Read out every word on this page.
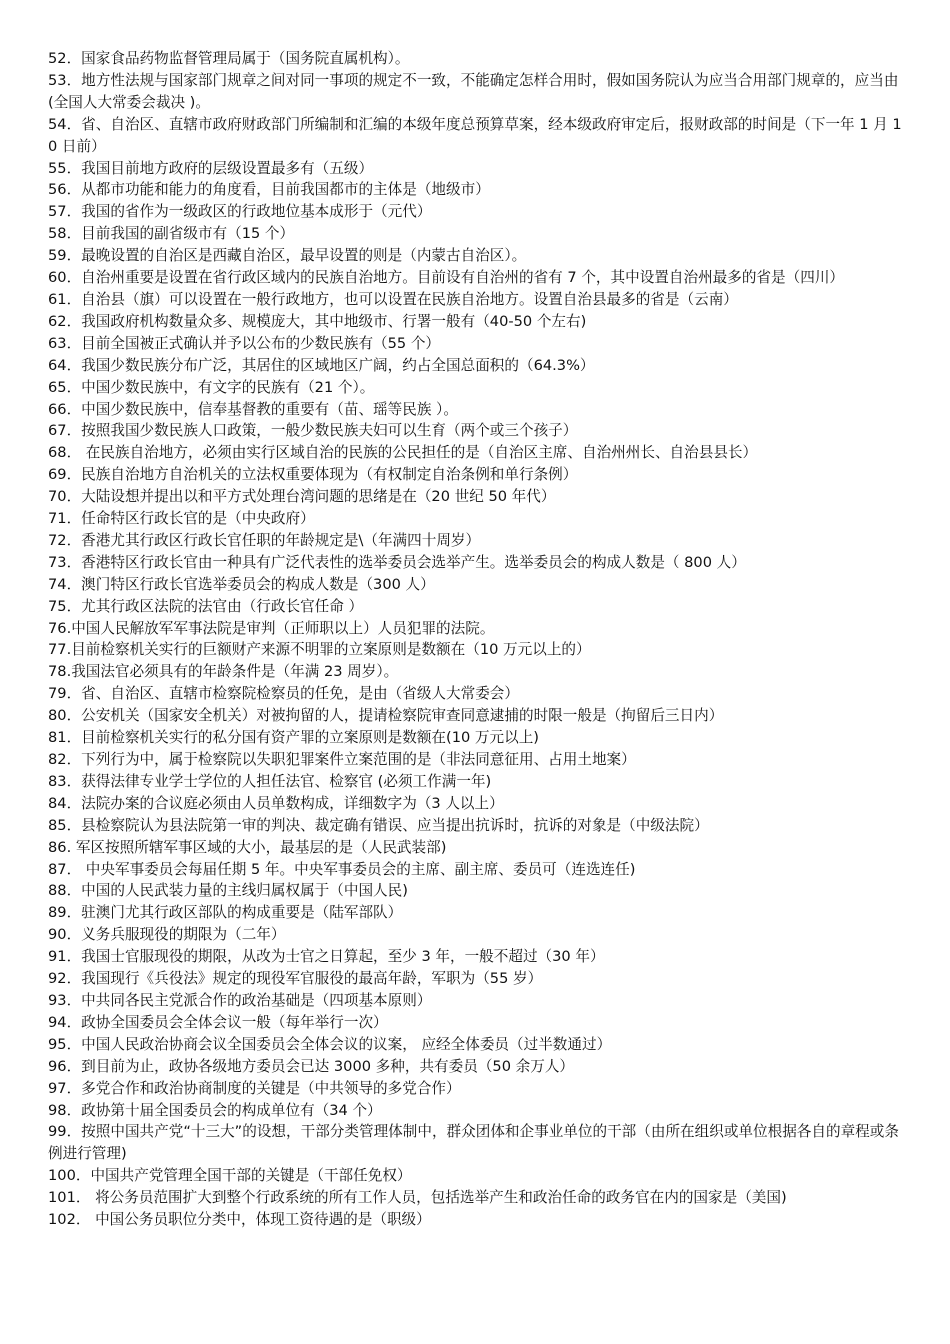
52．国家食品药物监督管理局属于（国务院直属机构）。

53．地方性法规与国家部门规章之间对同一事项的规定不一致，不能确定怎样合用时，假如国务院认为应当合用部门规章的，应当由 (全国人大常委会裁决 )。

54．省、自治区、直辖市政府财政部门所编制和汇编的本级年度总预算草案，经本级政府审定后，报财政部的时间是（下一年 1 月 10 日前）

55．我国目前地方政府的层级设置最多有（五级）

56．从都市功能和能力的角度看，目前我国都市的主体是（地级市）

57．我国的省作为一级政区的行政地位基本成形于（元代）

58．目前我国的副省级市有（15 个）

59．最晚设置的自治区是西藏自治区，最早设置的则是（内蒙古自治区）。

60．自治州重要是设置在省行政区域内的民族自治地方。目前设有自治州的省有 7 个，其中设置自治州最多的省是（四川）

61．自治县（旗）可以设置在一般行政地方，也可以设置在民族自治地方。设置自治县最多的省是（云南）

62．我国政府机构数量众多、规模庞大，其中地级市、行署一般有（40-50 个左右)

63．目前全国被正式确认并予以公布的少数民族有（55 个）

64．我国少数民族分布广泛，其居住的区域地区广阔，约占全国总面积的（64.3%）

65．中国少数民族中，有文字的民族有（21 个）。

66．中国少数民族中，信奉基督教的重要有（苗、瑶等民族 ）。

67．按照我国少数民族人口政策，一般少数民族夫妇可以生育（两个或三个孩子）

68． 在民族自治地方，必须由实行区域自治的民族的公民担任的是（自治区主席、自治州州长、自治县县长）

69．民族自治地方自治机关的立法权重要体现为（有权制定自治条例和单行条例）

70．大陆设想并提出以和平方式处理台湾问题的思绪是在（20 世纪 50 年代）

71．任命特区行政长官的是（中央政府）

72．香港尤其行政区行政长官任职的年龄规定是\（年满四十周岁）

73．香港特区行政长官由一种具有广泛代表性的选举委员会选举产生。选举委员会的构成人数是（ 800 人）

74．澳门特区行政长官选举委员会的构成人数是（300 人）

75．尤其行政区法院的法官由（行政长官任命 ）

76.中国人民解放军军事法院是审判（正师职以上）人员犯罪的法院。

77.目前检察机关实行的巨额财产来源不明罪的立案原则是数额在（10 万元以上的）

78.我国法官必须具有的年龄条件是（年满 23 周岁）。

79．省、自治区、直辖市检察院检察员的任免，是由（省级人大常委会）

80．公安机关（国家安全机关）对被拘留的人，提请检察院审查同意逮捕的时限一般是（拘留后三日内）

81．目前检察机关实行的私分国有资产罪的立案原则是数额在(10 万元以上)

82．下列行为中，属于检察院以失职犯罪案件立案范围的是（非法同意征用、占用土地案）

83．获得法律专业学士学位的人担任法官、检察官 (必须工作满一年)

84．法院办案的合议庭必须由人员单数构成，详细数字为（3 人以上）

85．县检察院认为县法院第一审的判决、裁定确有错误、应当提出抗诉时，抗诉的对象是（中级法院）

86. 军区按照所辖军事区域的大小，最基层的是（人民武装部)

87． 中央军事委员会每届任期 5 年。中央军事委员会的主席、副主席、委员可（连选连任)

88．中国的人民武装力量的主线归属权属于（中国人民)

89．驻澳门尤其行政区部队的构成重要是（陆军部队）

90．义务兵服现役的期限为（二年）

91．我国士官服现役的期限，从改为士官之日算起，至少 3 年，一般不超过（30 年）

92．我国现行《兵役法》规定的现役军官服役的最高年龄，军职为（55 岁）

93．中共同各民主党派合作的政治基础是（四项基本原则）

94．政协全国委员会全体会议一般（每年举行一次）

95．中国人民政治协商会议全国委员会全体会议的议案， 应经全体委员（过半数通过）

96．到目前为止，政协各级地方委员会已达 3000 多种，共有委员（50 余万人）

97．多党合作和政治协商制度的关键是（中共领导的多党合作）

98．政协第十届全国委员会的构成单位有（34 个）

99．按照中国共产党“十三大”的设想，干部分类管理体制中，群众团体和企事业单位的干部（由所在组织或单位根据各自的章程或条例进行管理)

100．中国共产党管理全国干部的关键是（干部任免权）

101． 将公务员范围扩大到整个行政系统的所有工作人员，包括选举产生和政治任命的政务官在内的国家是（美国)

102． 中国公务员职位分类中，体现工资待遇的是（职级）
